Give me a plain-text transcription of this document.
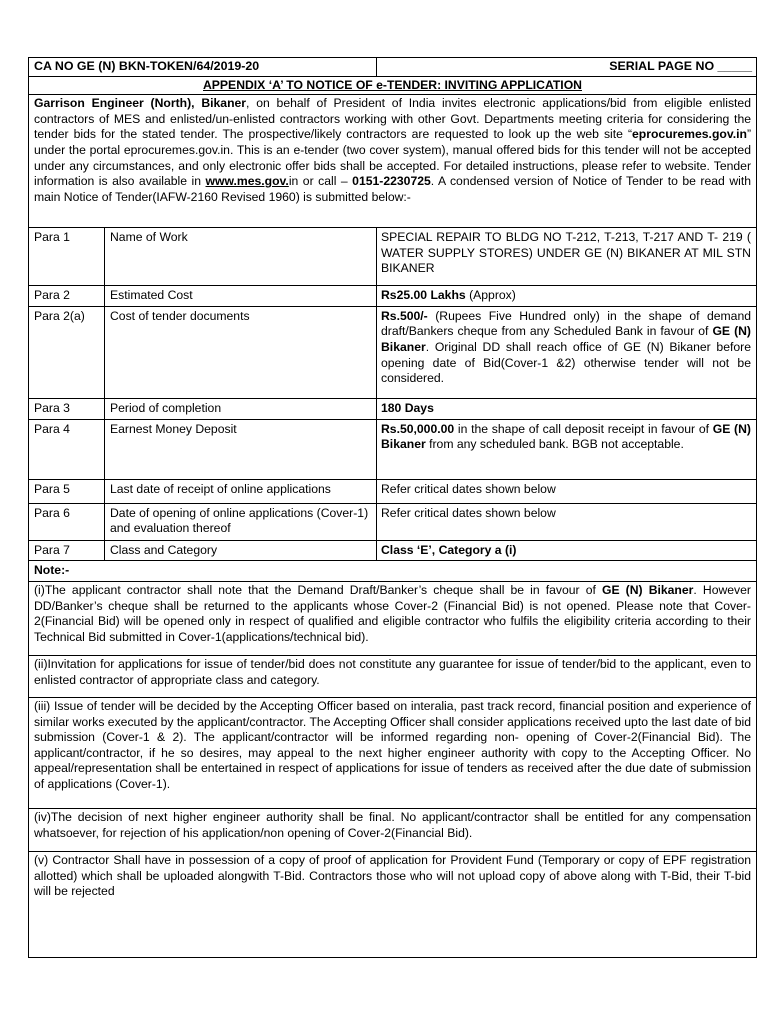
CA NO GE (N) BKN-TOKEN/64/2019-20		SERIAL PAGE NO _____
APPENDIX ‘A’ TO NOTICE OF e-TENDER: INVITING APPLICATION		
Garrison Engineer (North), Bikaner, on behalf of President of India invites electronic applications/bid from eligible enlisted contractors of MES and enlisted/un-enlisted contractors working with other Govt. Departments meeting criteria for considering the tender bids for the stated tender. The prospective/likely contractors are requested to look up the web site “eprocuremes.gov.in” under the portal eprocuremes.gov.in. This is an e-tender (two cover system), manual offered bids for this tender will not be accepted under any circumstances, and only electronic offer bids shall be accepted. For detailed instructions, please refer to website. Tender information is also available in www.mes.gov.in or call – 0151-2230725. A condensed version of Notice of Tender to be read with main Notice of Tender(IAFW-2160 Revised 1960) is submitted below:-		
Para 1	Name of Work	SPECIAL REPAIR TO BLDG NO T-212, T-213, T-217 AND T- 219 ( WATER SUPPLY STORES) UNDER GE (N) BIKANER AT MIL STN BIKANER
Para 2	Estimated Cost	Rs25.00 Lakhs (Approx)
Para 2(a)	Cost of tender documents	Rs.500/- (Rupees Five Hundred only) in the shape of demand draft/Bankers cheque from any Scheduled Bank in favour of GE (N) Bikaner. Original DD shall reach office of GE (N) Bikaner before opening date of Bid(Cover-1 &2) otherwise tender will not be considered.
Para 3	Period of completion	180 Days
Para 4	Earnest Money Deposit	Rs.50,000.00 in the shape of call deposit receipt in favour of GE (N) Bikaner from any scheduled bank. BGB not acceptable.
Para 5	Last date of receipt of online applications	Refer critical dates shown below
Para 6	Date of opening of online applications (Cover-1) and evaluation thereof	Refer critical dates shown below
Para 7	Class and Category	Class ‘E’, Category a (i)
Note:-		
(i)The applicant contractor shall note that the Demand Draft/Banker’s cheque shall be in favour of GE (N) Bikaner. However DD/Banker’s cheque shall be returned to the applicants whose Cover-2 (Financial Bid) is not opened. Please note that Cover-2(Financial Bid) will be opened only in respect of qualified and eligible contractor who fulfils the eligibility criteria according to their Technical Bid submitted in Cover-1(applications/technical bid).		
(ii)Invitation for applications for issue of tender/bid does not constitute any guarantee for issue of tender/bid to the applicant, even to enlisted contractor of appropriate class and category.		
(iii) Issue of tender will be decided by the Accepting Officer based on interalia, past track record, financial position and experience of similar works executed by the applicant/contractor. The Accepting Officer shall consider applications received upto the last date of bid submission (Cover-1 & 2). The applicant/contractor will be informed regarding non- opening of Cover-2(Financial Bid). The applicant/contractor, if he so desires, may appeal to the next higher engineer authority with copy to the Accepting Officer. No appeal/representation shall be entertained in respect of applications for issue of tenders as received after the due date of submission of applications (Cover-1).		
(iv)The decision of next higher engineer authority shall be final. No applicant/contractor shall be entitled for any compensation whatsoever, for rejection of his application/non opening of Cover-2(Financial Bid).		
(v) Contractor Shall have in possession of a copy of proof of application for Provident Fund (Temporary or copy of EPF registration allotted) which shall be uploaded alongwith T-Bid. Contractors those who will not upload copy of above along with T-Bid, their T-bid will be rejected		
